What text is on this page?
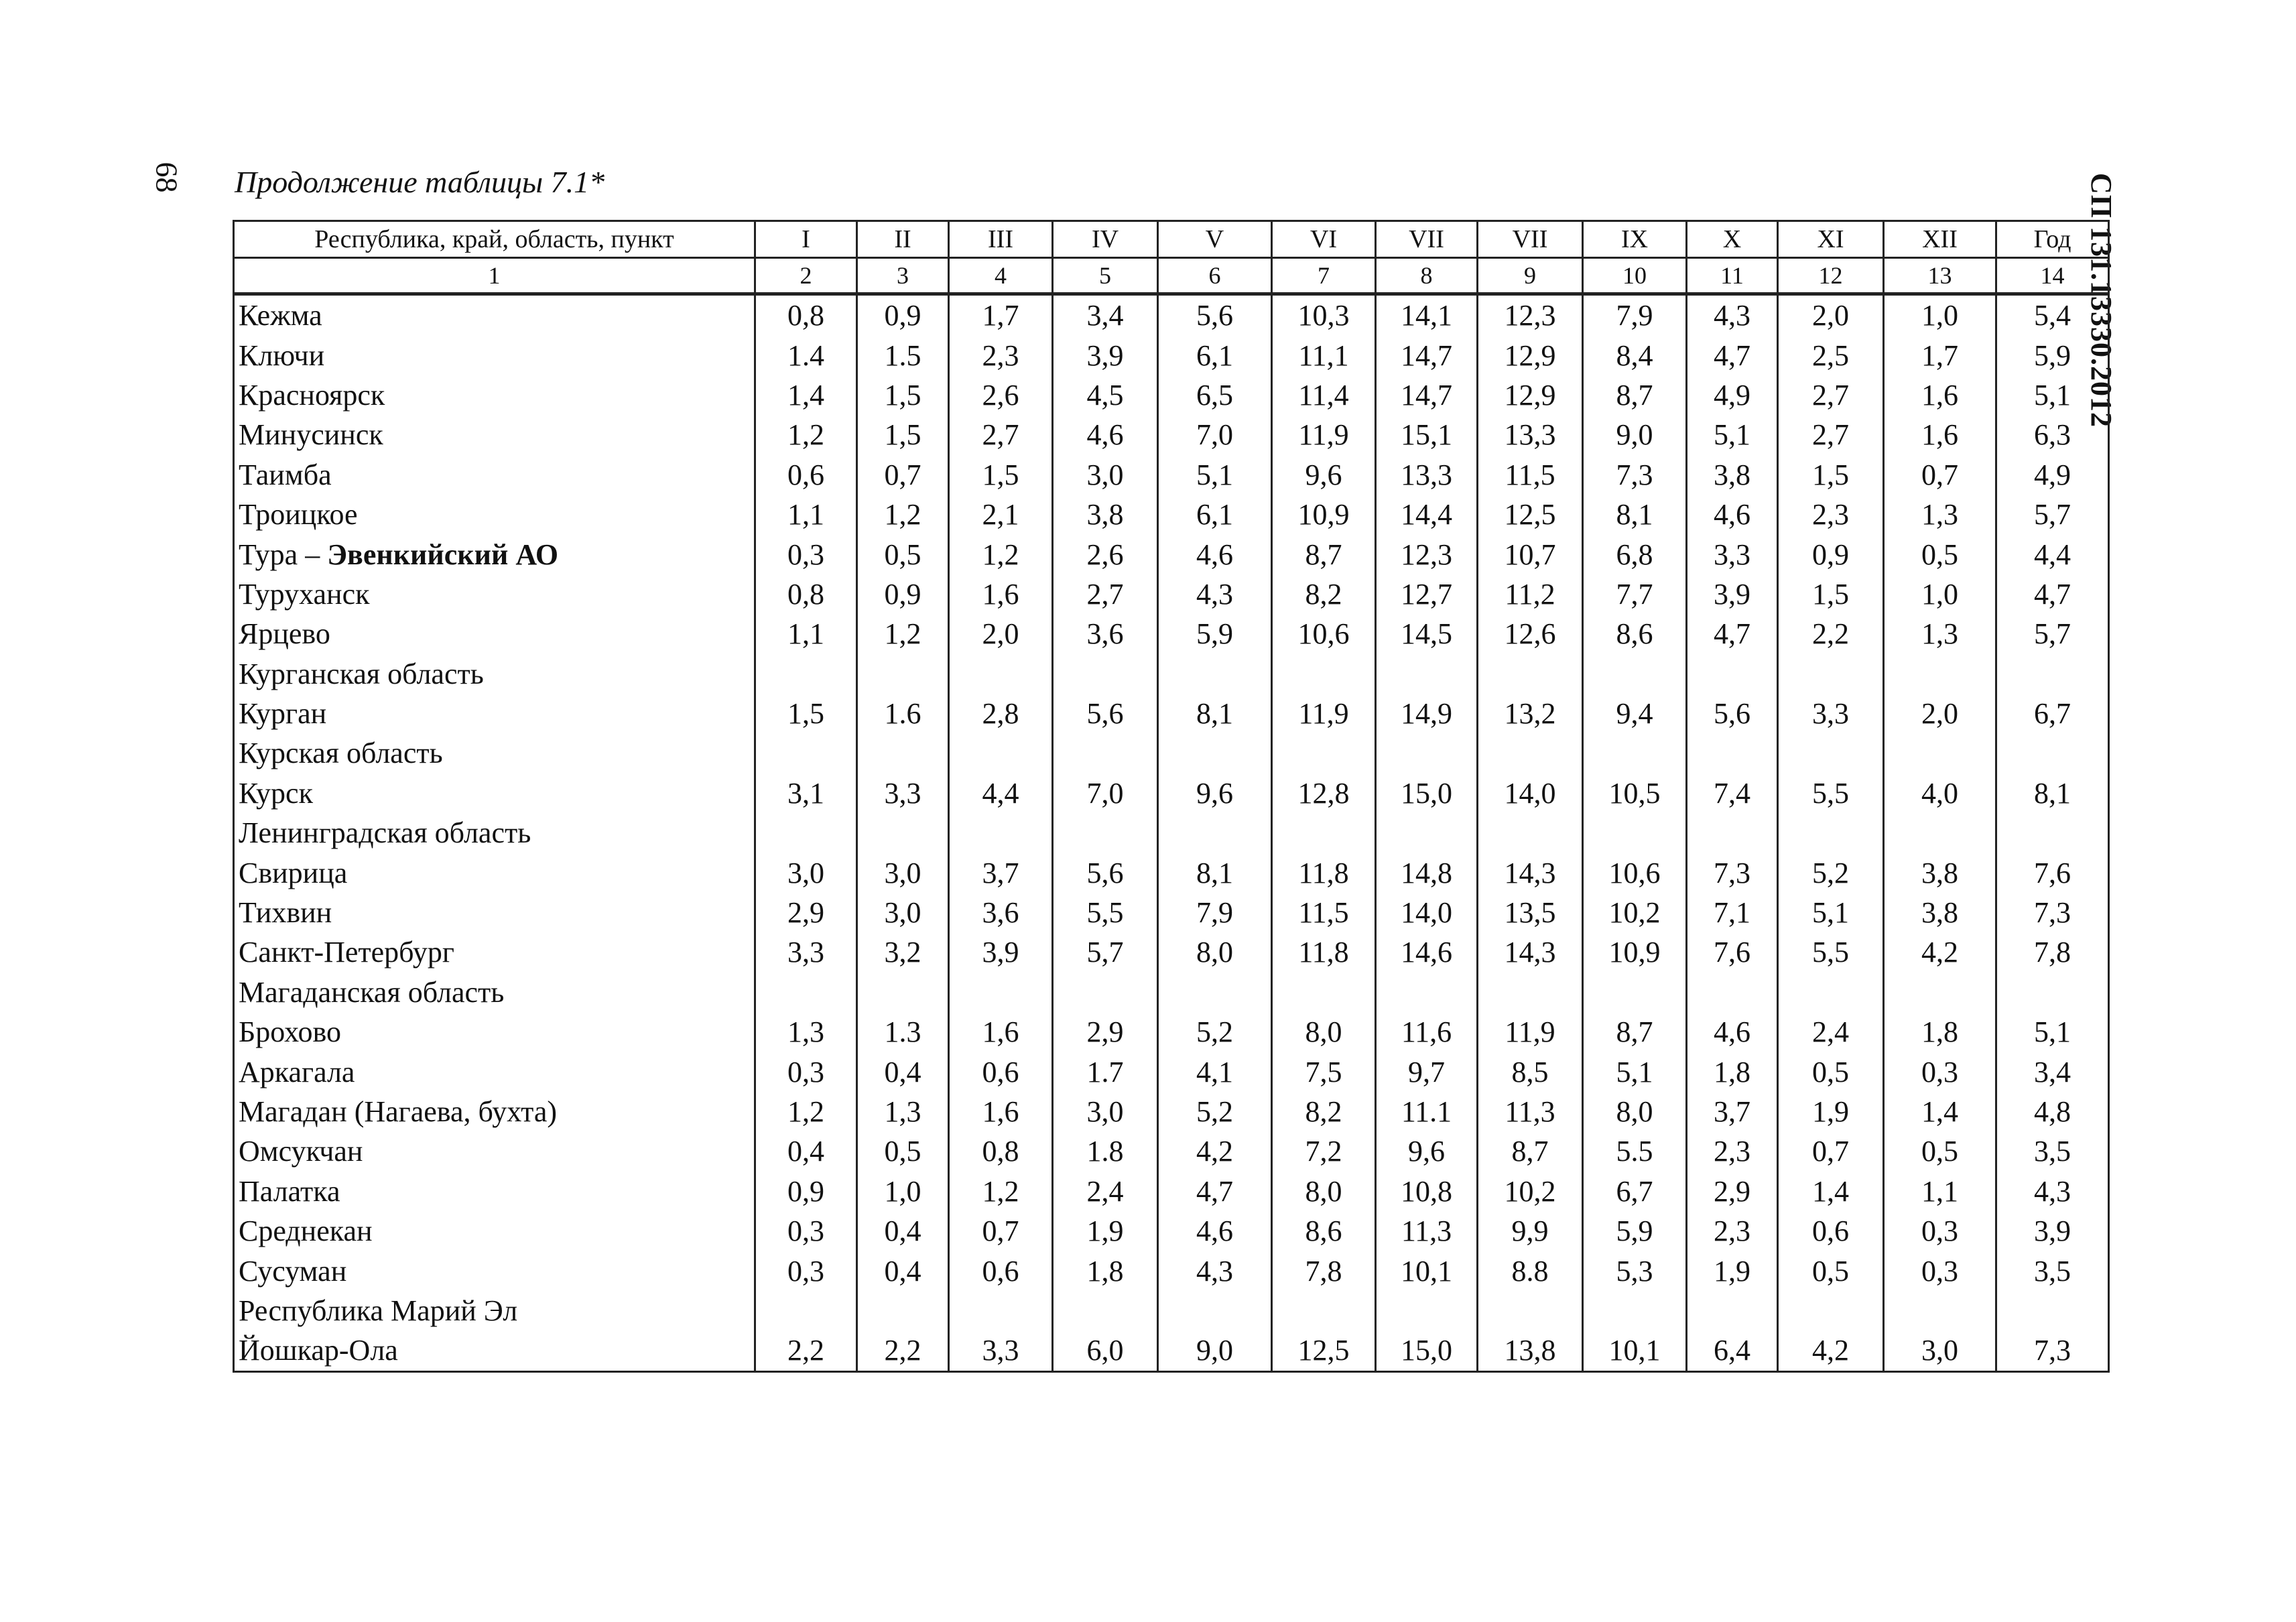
68 Продолжение таблицы 7.1*	СП 131.13330.2012
Республика, край, область, пункт	I	II	III	IV	V	VI	VII	VII	IX	X	XI	XII	Год
1	2	3	4	5	6	7	8	9	10	11	12	13	14
Кежма	0,8	0,9	1,7	3,4	5,6	10,3	14,1	12,3	7,9	4,3	2,0	1,0	5,4
Ключи	1.4	1.5	2,3	3,9	6,1	11,1	14,7	12,9	8,4	4,7	2,5	1,7	5,9
Красноярск	1,4	1,5	2,6	4,5	6,5	11,4	14,7	12,9	8,7	4,9	2,7	1,6	5,1
Минусинск	1,2	1,5	2,7	4,6	7,0	11,9	15,1	13,3	9,0	5,1	2,7	1,6	6,3
Таимба	0,6	0,7	1,5	3,0	5,1	9,6	13,3	11,5	7,3	3,8	1,5	0,7	4,9
Троицкое	1,1	1,2	2,1	3,8	6,1	10,9	14,4	12,5	8,1	4,6	2,3	1,3	5,7
Тура – Эвенкийский АО	0,3	0,5	1,2	2,6	4,6	8,7	12,3	10,7	6,8	3,3	0,9	0,5	4,4
Туруханск	0,8	0,9	1,6	2,7	4,3	8,2	12,7	11,2	7,7	3,9	1,5	1,0	4,7
Ярцево	1,1	1,2	2,0	3,6	5,9	10,6	14,5	12,6	8,6	4,7	2,2	1,3	5,7
Курганская область													
Курган	1,5	1.6	2,8	5,6	8,1	11,9	14,9	13,2	9,4	5,6	3,3	2,0	6,7
Курская область													
Курск	3,1	3,3	4,4	7,0	9,6	12,8	15,0	14,0	10,5	7,4	5,5	4,0	8,1
Ленинградская область													
Свирица	3,0	3,0	3,7	5,6	8,1	11,8	14,8	14,3	10,6	7,3	5,2	3,8	7,6
Тихвин	2,9	3,0	3,6	5,5	7,9	11,5	14,0	13,5	10,2	7,1	5,1	3,8	7,3
Санкт-Петербург	3,3	3,2	3,9	5,7	8,0	11,8	14,6	14,3	10,9	7,6	5,5	4,2	7,8
Магаданская область													
Брохово	1,3	1.3	1,6	2,9	5,2	8,0	11,6	11,9	8,7	4,6	2,4	1,8	5,1
Аркагала	0,3	0,4	0,6	1.7	4,1	7,5	9,7	8,5	5,1	1,8	0,5	0,3	3,4
Магадан (Нагаева, бухта)	1,2	1,3	1,6	3,0	5,2	8,2	11.1	11,3	8,0	3,7	1,9	1,4	4,8
Омсукчан	0,4	0,5	0,8	1.8	4,2	7,2	9,6	8,7	5.5	2,3	0,7	0,5	3,5
Палатка	0,9	1,0	1,2	2,4	4,7	8,0	10,8	10,2	6,7	2,9	1,4	1,1	4,3
Среднекан	0,3	0,4	0,7	1,9	4,6	8,6	11,3	9,9	5,9	2,3	0,6	0,3	3,9
Сусуман	0,3	0,4	0,6	1,8	4,3	7,8	10,1	8.8	5,3	1,9	0,5	0,3	3,5
Республика Марий Эл													
Йошкар-Ола	2,2	2,2	3,3	6,0	9,0	12,5	15,0	13,8	10,1	6,4	4,2	3,0	7,3
